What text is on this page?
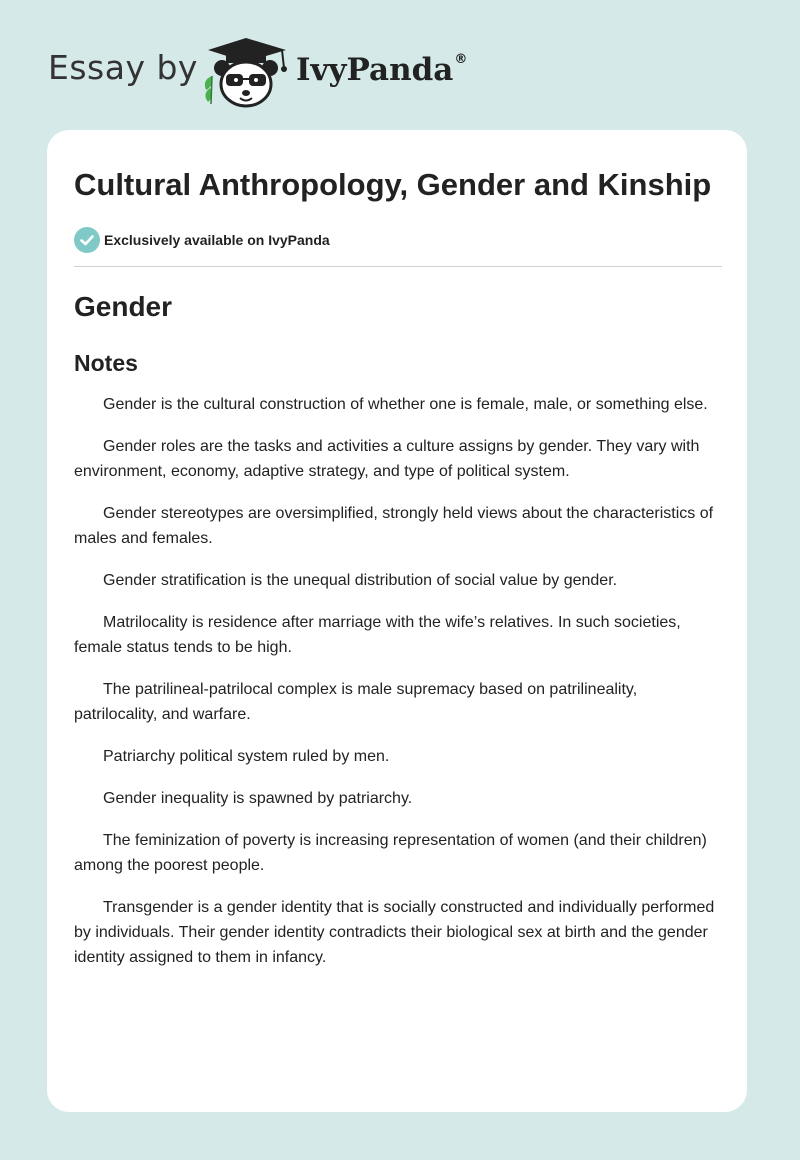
Essay by	IvyPanda®
Cultural Anthropology, Gender and Kinship
Exclusively available on IvyPanda
Gender
Notes

Gender is the cultural construction of whether one is female, male, or something else.

Gender roles are the tasks and activities a culture assigns by gender. They vary with environment, economy, adaptive strategy, and type of political system.

Gender stereotypes are oversimplified, strongly held views about the characteristics of males and females.

Gender stratification is the unequal distribution of social value by gender.

Matrilocality is residence after marriage with the wife’s relatives. In such societies, female status tends to be high.

The patrilineal-patrilocal complex is male supremacy based on patrilineality, patrilocality, and warfare.

Patriarchy political system ruled by men.

Gender inequality is spawned by patriarchy.

The feminization of poverty is increasing representation of women (and their children) among the poorest people.

Transgender is a gender identity that is socially constructed and individually performed by individuals. Their gender identity contradicts their biological sex at birth and the gender identity assigned to them in infancy.
